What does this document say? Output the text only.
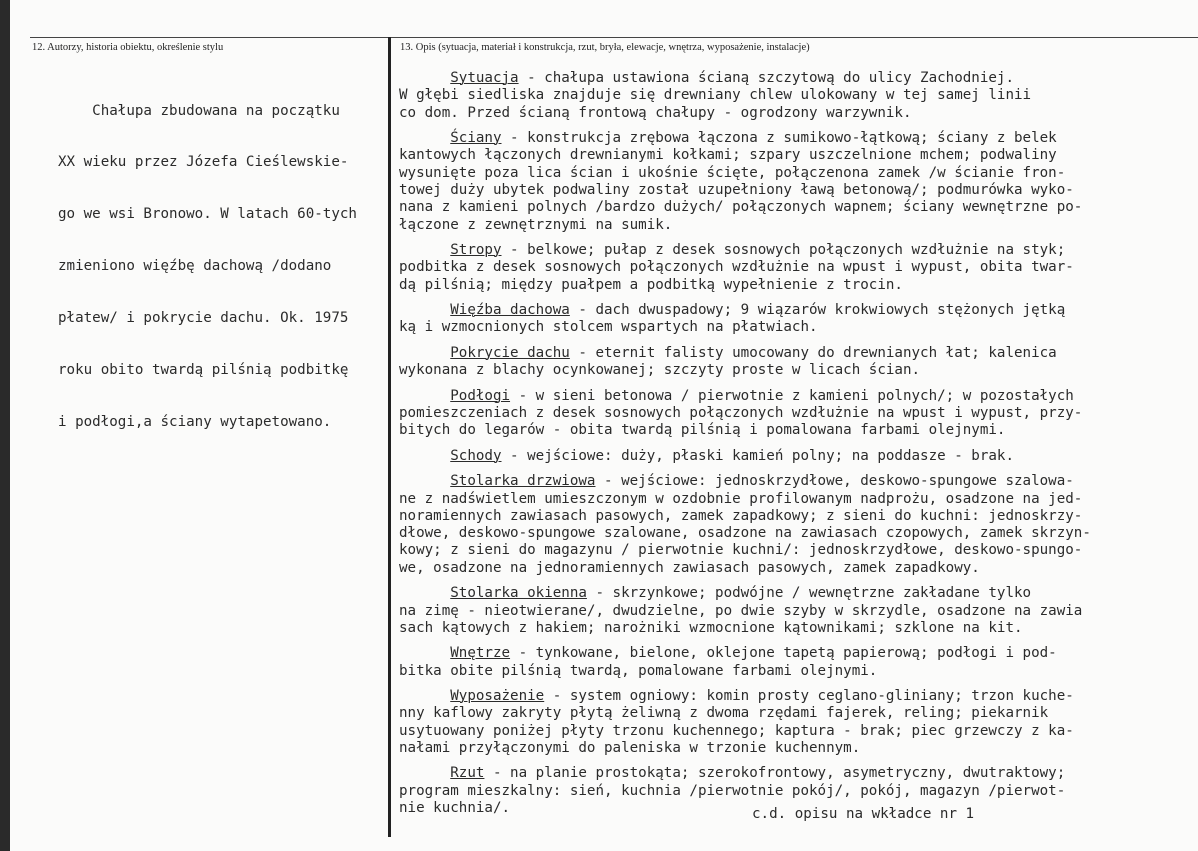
12. Autorzy, historia obiektu, określenie stylu	13. Opis (sytuacja, materiał i konstrukcja, rzut, bryła, elewacje, wnętrza, wyposażenie, instalacje)

Chałupa zbudowana na początku

XX wieku przez Józefa Cieślewskie-

go we wsi Bronowo. W latach 60-tych

zmieniono więźbę dachową /dodano

płatew/ i pokrycie dachu. Ok. 1975

roku obito twardą pilśnią podbitkę

i podłogi,a ściany wytapetowano.

Sytuacja - chałupa ustawiona ścianą szczytową do ulicy Zachodniej.
W głębi siedliska znajduje się drewniany chlew ulokowany w tej samej linii
co dom. Przed ścianą frontową chałupy - ogrodzony warzywnik.
Ściany - konstrukcja zrębowa łączona z sumikowo-łątkową; ściany z belek
kantowych łączonych drewnianymi kołkami; szpary uszczelnione mchem; podwaliny
wysunięte poza lica ścian i ukośnie ścięte, połączenona zamek /w ścianie fron-
towej duży ubytek podwaliny został uzupełniony ławą betonową/; podmurówka wyko-
nana z kamieni polnych /bardzo dużych/ połączonych wapnem; ściany wewnętrzne po-
łączone z zewnętrznymi na sumik.
Stropy - belkowe; pułap z desek sosnowych połączonych wzdłużnie na styk;
podbitka z desek sosnowych połączonych wzdłużnie na wpust i wypust, obita twar-
dą pilśnią; między puałpem a podbitką wypełnienie z trocin.
Więźba dachowa - dach dwuspadowy; 9 wiązarów krokwiowych stężonych jętką
ką i wzmocnionych stolcem wspartych na płatwiach.
Pokrycie dachu - eternit falisty umocowany do drewnianych łat; kalenica
wykonana z blachy ocynkowanej; szczyty proste w licach ścian.
Podłogi - w sieni betonowa / pierwotnie z kamieni polnych/; w pozostałych
pomieszczeniach z desek sosnowych połączonych wzdłużnie na wpust i wypust, przy-
bitych do legarów - obita twardą pilśnią i pomalowana farbami olejnymi.
Schody - wejściowe: duży, płaski kamień polny; na poddasze - brak.
Stolarka drzwiowa - wejściowe: jednoskrzydłowe, deskowo-spungowe szalowa-
ne z nadświetlem umieszczonym w ozdobnie profilowanym nadprożu, osadzone na jed-
noramiennych zawiasach pasowych, zamek zapadkowy; z sieni do kuchni: jednoskrzy-
dłowe, deskowo-spungowe szalowane, osadzone na zawiasach czopowych, zamek skrzyn-
kowy; z sieni do magazynu / pierwotnie kuchni/: jednoskrzydłowe, deskowo-spungo-
we, osadzone na jednoramiennych zawiasach pasowych, zamek zapadkowy.
Stolarka okienna - skrzynkowe; podwójne / wewnętrzne zakładane tylko
na zimę - nieotwierane/, dwudzielne, po dwie szyby w skrzydle, osadzone na zawia
sach kątowych z hakiem; narożniki wzmocnione kątownikami; szklone na kit.
Wnętrze - tynkowane, bielone, oklejone tapetą papierową; podłogi i pod-
bitka obite pilśnią twardą, pomalowane farbami olejnymi.
Wyposażenie - system ogniowy: komin prosty ceglano-gliniany; trzon kuche-
nny kaflowy zakryty płytą żeliwną z dwoma rzędami fajerek, reling; piekarnik
usytuowany poniżej płyty trzonu kuchennego; kaptura - brak; piec grzewczy z ka-
nałami przyłączonymi do paleniska w trzonie kuchennym.
Rzut - na planie prostokąta; szerokofrontowy, asymetryczny, dwutraktowy;
program mieszkalny: sień, kuchnia /pierwotnie pokój/, pokój, magazyn /pierwot-
nie kuchnia/.	c.d. opisu na wkładce nr 1
